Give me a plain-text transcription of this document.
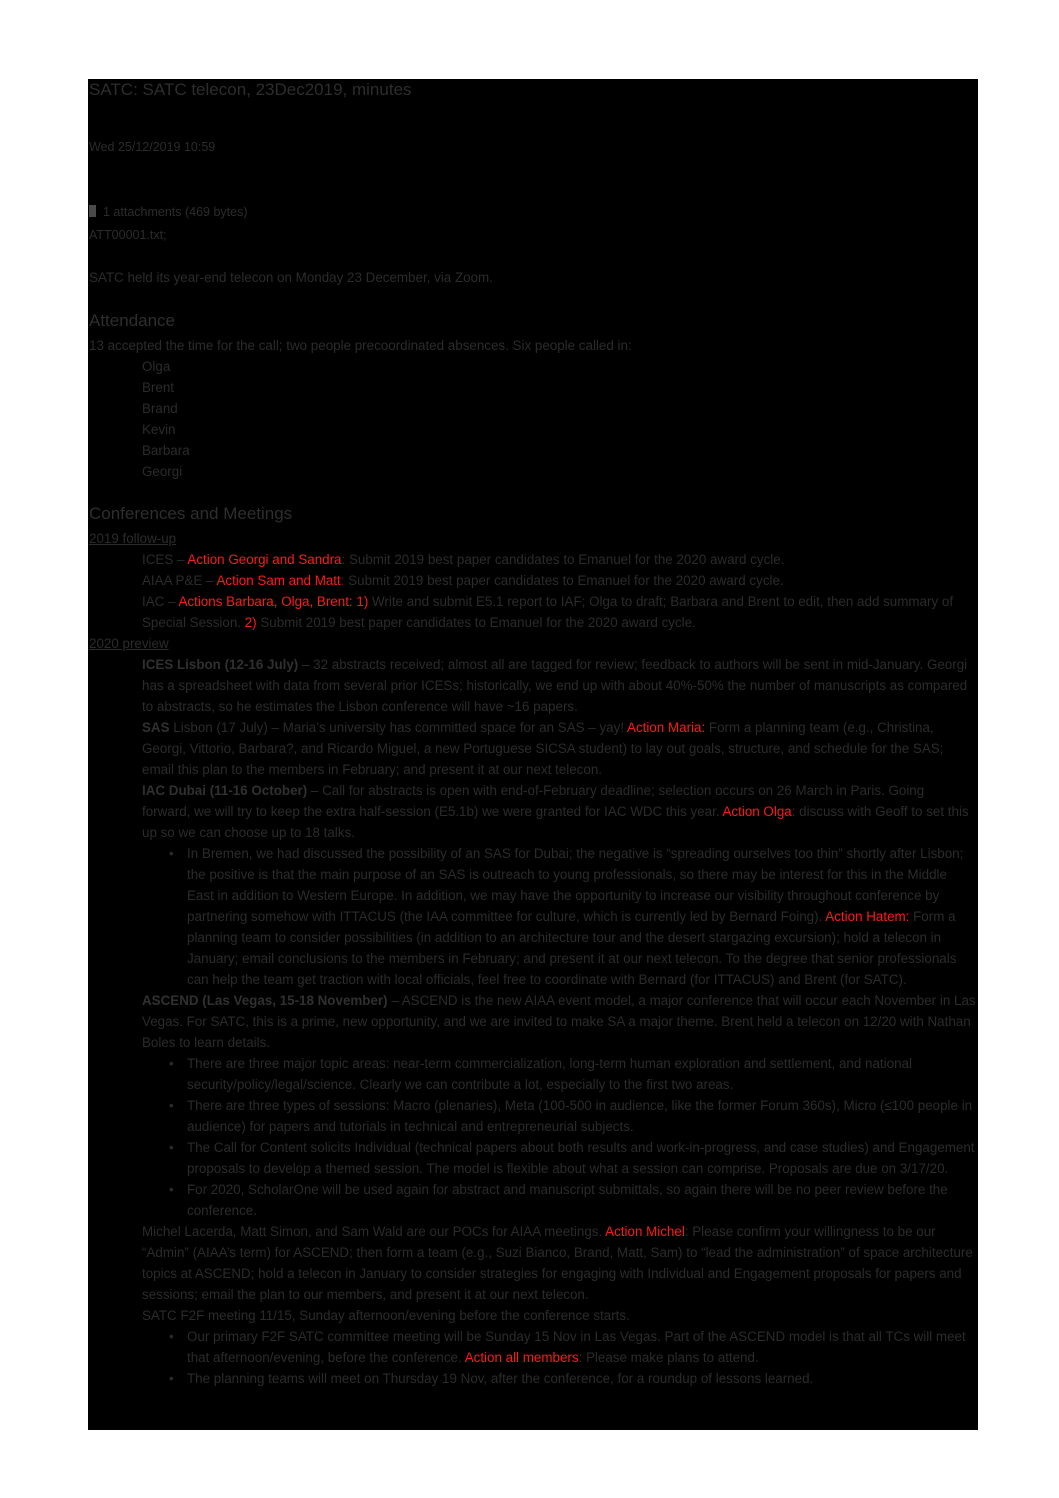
SATC: SATC telecon, 23Dec2019, minutes
Wed 25/12/2019 10:59
1 attachments (469 bytes)
ATT00001.txt;
SATC held its year-end telecon on Monday 23 December, via Zoom.
Attendance
13 accepted the time for the call; two people precoordinated absences. Six people called in:
Olga
Brent
Brand
Kevin
Barbara
Georgi
Conferences and Meetings
2019 follow-up
ICES – Action Georgi and Sandra: Submit 2019 best paper candidates to Emanuel for the 2020 award cycle.
AIAA P&E – Action Sam and Matt: Submit 2019 best paper candidates to Emanuel for the 2020 award cycle.
IAC – Actions Barbara, Olga, Brent: 1) Write and submit E5.1 report to IAF; Olga to draft; Barbara and Brent to edit, then add summary of Special Session. 2) Submit 2019 best paper candidates to Emanuel for the 2020 award cycle.
2020 preview
ICES Lisbon (12-16 July) – 32 abstracts received; almost all are tagged for review; feedback to authors will be sent in mid-January. Georgi has a spreadsheet with data from several prior ICESs; historically, we end up with about 40%-50% the number of manuscripts as compared to abstracts, so he estimates the Lisbon conference will have ~16 papers.
SAS Lisbon (17 July) – Maria’s university has committed space for an SAS – yay! Action Maria: Form a planning team (e.g., Christina, Georgi, Vittorio, Barbara?, and Ricardo Miguel, a new Portuguese SICSA student) to lay out goals, structure, and schedule for the SAS; email this plan to the members in February; and present it at our next telecon.
IAC Dubai (11-16 October) – Call for abstracts is open with end-of-February deadline; selection occurs on 26 March in Paris. Going forward, we will try to keep the extra half-session (E5.1b) we were granted for IAC WDC this year. Action Olga: discuss with Geoff to set this up so we can choose up to 18 talks.
• In Bremen, we had discussed the possibility of an SAS for Dubai; the negative is “spreading ourselves too thin” shortly after Lisbon; the positive is that the main purpose of an SAS is outreach to young professionals, so there may be interest for this in the Middle East in addition to Western Europe. In addition, we may have the opportunity to increase our visibility throughout conference by partnering somehow with ITTACUS (the IAA committee for culture, which is currently led by Bernard Foing). Action Hatem: Form a planning team to consider possibilities (in addition to an architecture tour and the desert stargazing excursion); hold a telecon in January; email conclusions to the members in February; and present it at our next telecon. To the degree that senior professionals can help the team get traction with local officials, feel free to coordinate with Bernard (for ITTACUS) and Brent (for SATC).
ASCEND (Las Vegas, 15-18 November) – ASCEND is the new AIAA event model, a major conference that will occur each November in Las Vegas. For SATC, this is a prime, new opportunity, and we are invited to make SA a major theme. Brent held a telecon on 12/20 with Nathan Boles to learn details.
• There are three major topic areas: near-term commercialization, long-term human exploration and settlement, and national security/policy/legal/science. Clearly we can contribute a lot, especially to the first two areas.
• There are three types of sessions: Macro (plenaries), Meta (100-500 in audience, like the former Forum 360s), Micro (≤100 people in audience) for papers and tutorials in technical and entrepreneurial subjects.
• The Call for Content solicits Individual (technical papers about both results and work-in-progress, and case studies) and Engagement proposals to develop a themed session. The model is flexible about what a session can comprise. Proposals are due on 3/17/20.
• For 2020, ScholarOne will be used again for abstract and manuscript submittals, so again there will be no peer review before the conference.
Michel Lacerda, Matt Simon, and Sam Wald are our POCs for AIAA meetings. Action Michel: Please confirm your willingness to be our “Admin” (AIAA’s term) for ASCEND; then form a team (e.g., Suzi Bianco, Brand, Matt, Sam) to “lead the administration” of space architecture topics at ASCEND; hold a telecon in January to consider strategies for engaging with Individual and Engagement proposals for papers and sessions; email the plan to our members, and present it at our next telecon.
SATC F2F meeting 11/15, Sunday afternoon/evening before the conference starts.
• Our primary F2F SATC committee meeting will be Sunday 15 Nov in Las Vegas. Part of the ASCEND model is that all TCs will meet that afternoon/evening, before the conference. Action all members: Please make plans to attend.
• The planning teams will meet on Thursday 19 Nov, after the conference, for a roundup of lessons learned.
